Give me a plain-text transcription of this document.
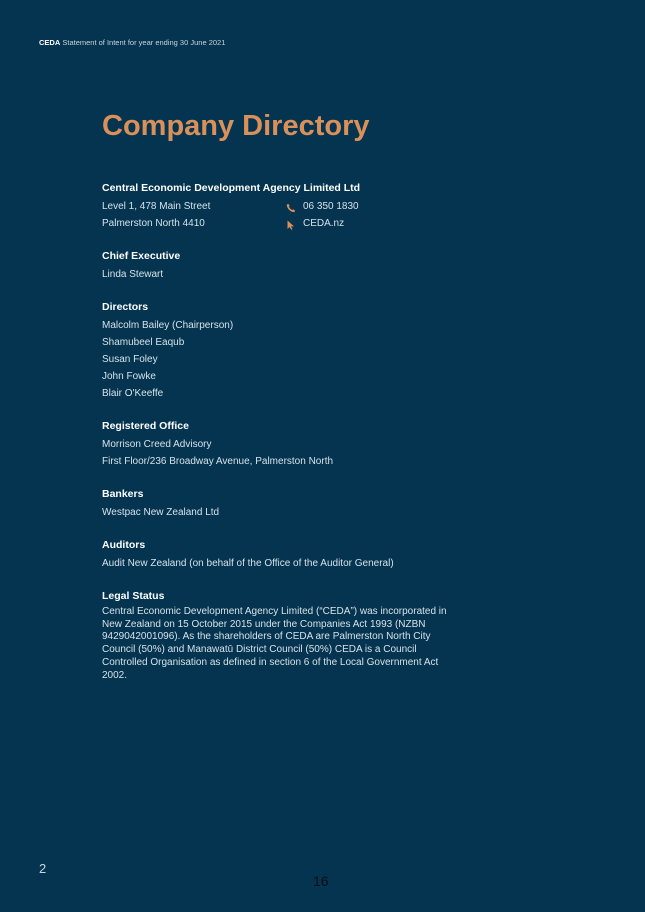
CEDA Statement of Intent for year ending 30 June 2021
Company Directory
Central Economic Development Agency Limited Ltd
Level 1, 478 Main Street
Palmerston North 4410
06 350 1830
CEDA.nz
Chief Executive
Linda Stewart
Directors
Malcolm Bailey (Chairperson)
Shamubeel Eaqub
Susan Foley
John Fowke
Blair O'Keeffe
Registered Office
Morrison Creed Advisory
First Floor/236 Broadway Avenue, Palmerston North
Bankers
Westpac New Zealand Ltd
Auditors
Audit New Zealand (on behalf of the Office of the Auditor General)
Legal Status
Central Economic Development Agency Limited (“CEDA”) was incorporated in New Zealand on 15 October 2015 under the Companies Act 1993 (NZBN 9429042001096). As the shareholders of CEDA are Palmerston North City Council (50%) and Manawatū District Council (50%) CEDA is a Council Controlled Organisation as defined in section 6 of the Local Government Act 2002.
2
16
